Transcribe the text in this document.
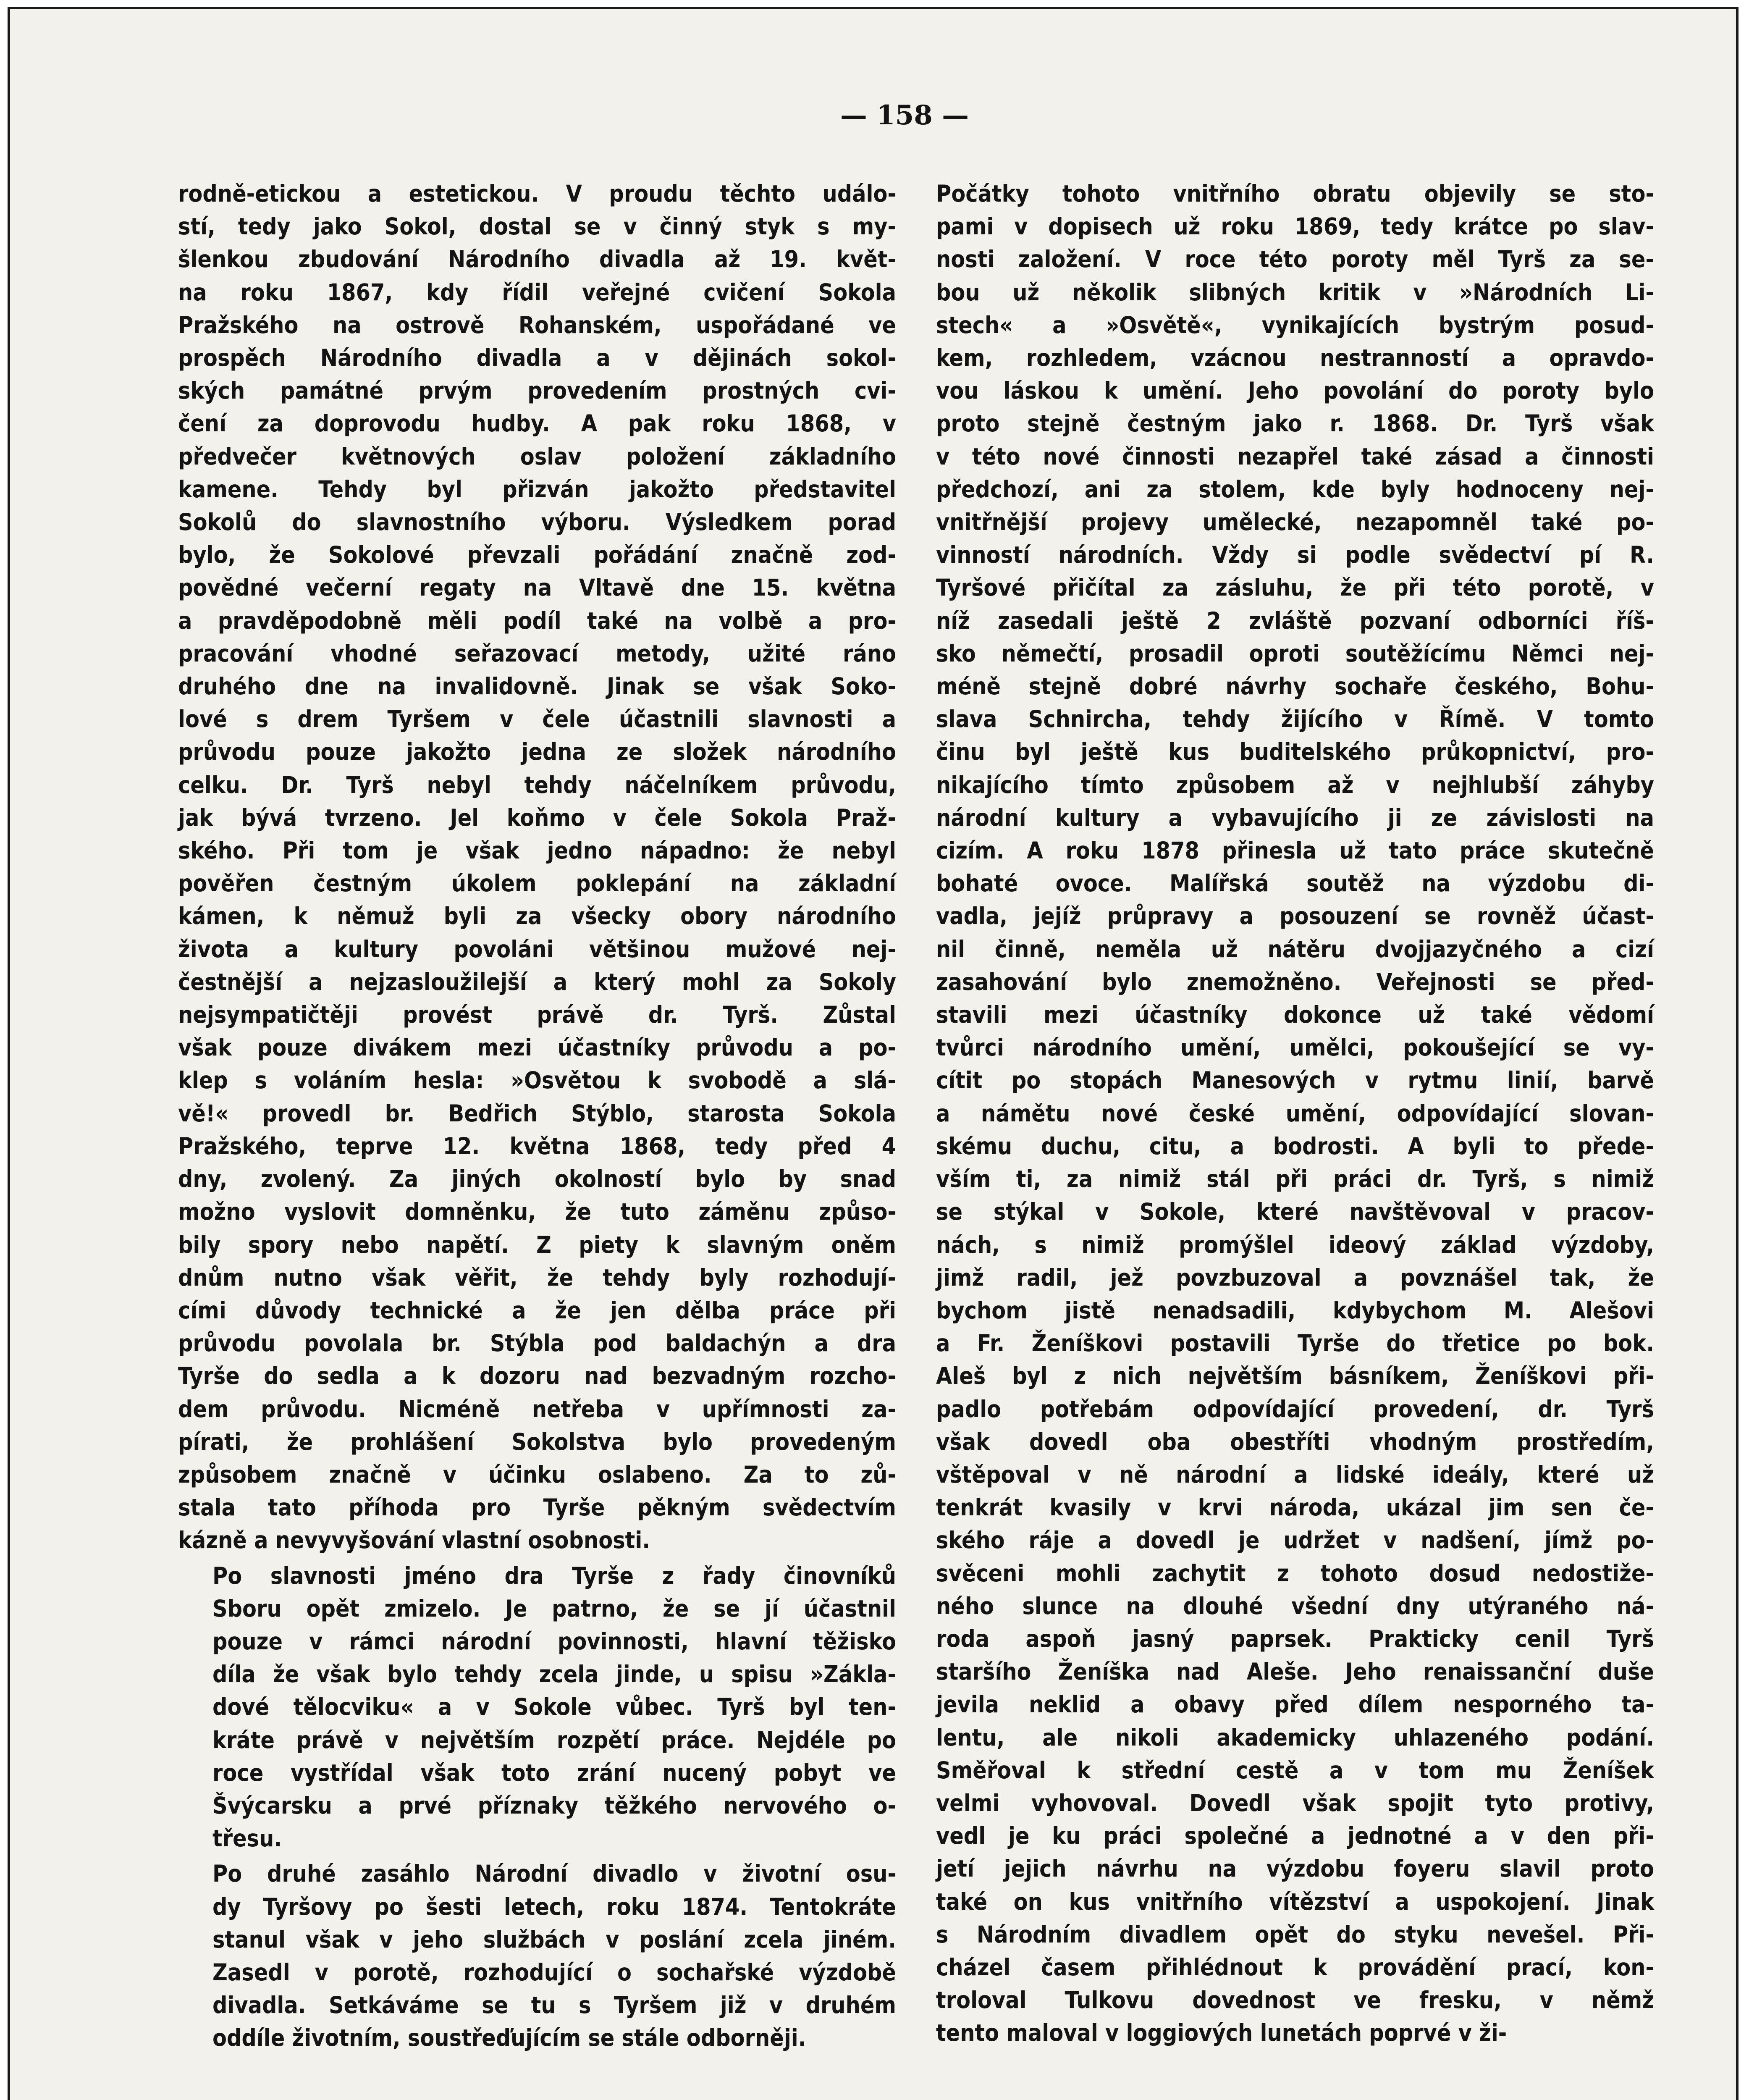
— 158 —
rodně-etickou a estetickou. V proudu těchto událo-
stí, tedy jako Sokol, dostal se v činný styk s my-
šlenkou zbudování Národního divadla až 19. květ-
na roku 1867, kdy řídil veřejné cvičení Sokola
Pražského na ostrově Rohanském, uspořádané ve
prospěch Národního divadla a v dějinách sokol-
ských památné prvým provedením prostných cvi-
čení za doprovodu hudby. A pak roku 1868, v
předvečer květnových oslav položení základního
kamene. Tehdy byl přizván jakožto představitel
Sokolů do slavnostního výboru. Výsledkem porad
bylo, že Sokolové převzali pořádání značně zod-
povědné večerní regaty na Vltavě dne 15. května
a pravděpodobně měli podíl také na volbě a pro-
pracování vhodné seřazovací metody, užité ráno
druhého dne na invalidovně. Jinak se však Soko-
lové s drem Tyršem v čele účastnili slavnosti a
průvodu pouze jakožto jedna ze složek národního
celku. Dr. Tyrš nebyl tehdy náčelníkem průvodu,
jak bývá tvrzeno. Jel koňmo v čele Sokola Praž-
ského. Při tom je však jedno nápadno: že nebyl
pověřen čestným úkolem poklepání na základní
kámen, k němuž byli za všecky obory národního
života a kultury povoláni většinou mužové nej-
čestnější a nejzasloužilejší a který mohl za Sokoly
nejsympatičtěji provést právě dr. Tyrš. Zůstal
však pouze divákem mezi účastníky průvodu a po-
klep s voláním hesla: »Osvětou k svobodě a slá-
vě!« provedl br. Bedřich Stýblo, starosta Sokola
Pražského, teprve 12. května 1868, tedy před 4
dny, zvolený. Za jiných okolností bylo by snad
možno vyslovit domněnku, že tuto záměnu způso-
bily spory nebo napětí. Z piety k slavným oněm
dnům nutno však věřit, že tehdy byly rozhodují-
cími důvody technické a že jen dělba práce při
průvodu povolala br. Stýbla pod baldachýn a dra
Tyrše do sedla a k dozoru nad bezvadným rozcho-
dem průvodu. Nicméně netřeba v upřímnosti za-
pírati, že prohlášení Sokolstva bylo provedeným
způsobem značně v účinku oslabeno. Za to zů-
stala tato příhoda pro Tyrše pěkným svědectvím
kázně a nevyvyšování vlastní osobnosti.
Po slavnosti jméno dra Tyrše z řady činovníků
Sboru opět zmizelo. Je patrno, že se jí účastnil
pouze v rámci národní povinnosti, hlavní těžisko
díla že však bylo tehdy zcela jinde, u spisu »Zákla-
dové tělocviku« a v Sokole vůbec. Tyrš byl ten-
kráte právě v největším rozpětí práce. Nejdéle po
roce vystřídal však toto zrání nucený pobyt ve
Švýcarsku a prvé příznaky těžkého nervového o-
třesu.
Po druhé zasáhlo Národní divadlo v životní osu-
dy Tyršovy po šesti letech, roku 1874. Tentokráte
stanul však v jeho službách v poslání zcela jiném.
Zasedl v porotě, rozhodující o sochařské výzdobě
divadla. Setkáváme se tu s Tyršem již v druhém
oddíle životním, soustřeďujícím se stále odborněji.
Počátky tohoto vnitřního obratu objevily se sto-
pami v dopisech už roku 1869, tedy krátce po slav-
nosti založení. V roce této poroty měl Tyrš za se-
bou už několik slibných kritik v »Národních Li-
stech« a »Osvětě«, vynikajících bystrým posud-
kem, rozhledem, vzácnou nestranností a opravdo-
vou láskou k umění. Jeho povolání do poroty bylo
proto stejně čestným jako r. 1868. Dr. Tyrš však
v této nové činnosti nezapřel také zásad a činnosti
předchozí, ani za stolem, kde byly hodnoceny nej-
vnitřnější projevy umělecké, nezapomněl také po-
vinností národních. Vždy si podle svědectví pí R.
Tyršové přičítal za zásluhu, že při této porotě, v
níž zasedali ještě 2 zvláště pozvaní odborníci říš-
sko němečtí, prosadil oproti soutěžícímu Němci nej-
méně stejně dobré návrhy sochaře českého, Bohu-
slava Schnircha, tehdy žijícího v Římě. V tomto
činu byl ještě kus buditelského průkopnictví, pro-
nikajícího tímto způsobem až v nejhlubší záhyby
národní kultury a vybavujícího ji ze závislosti na
cizím. A roku 1878 přinesla už tato práce skutečně
bohaté ovoce. Malířská soutěž na výzdobu di-
vadla, jejíž průpravy a posouzení se rovněž účast-
nil činně, neměla už nátěru dvojjazyčného a cizí
zasahování bylo znemožněno. Veřejnosti se před-
stavili mezi účastníky dokonce už také vědomí
tvůrci národního umění, umělci, pokoušející se vy-
cítit po stopách Manesových v rytmu linií, barvě
a námětu nové české umění, odpovídající slovan-
skému duchu, citu, a bodrosti. A byli to přede-
vším ti, za nimiž stál při práci dr. Tyrš, s nimiž
se stýkal v Sokole, které navštěvoval v pracov-
nách, s nimiž promýšlel ideový základ výzdoby,
jimž radil, jež povzbuzoval a povznášel tak, že
bychom jistě nenadsadili, kdybychom M. Alešovi
a Fr. Ženíškovi postavili Tyrše do třetice po bok.
Aleš byl z nich největším básníkem, Ženíškovi při-
padlo potřebám odpovídající provedení, dr. Tyrš
však dovedl oba obestříti vhodným prostředím,
vštěpoval v ně národní a lidské ideály, které už
tenkrát kvasily v krvi národa, ukázal jim sen če-
ského ráje a dovedl je udržet v nadšení, jímž po-
svěceni mohli zachytit z tohoto dosud nedostiže-
ného slunce na dlouhé všední dny utýraného ná-
roda aspoň jasný paprsek. Prakticky cenil Tyrš
staršího Ženíška nad Aleše. Jeho renaissanční duše
jevila neklid a obavy před dílem nesporného ta-
lentu, ale nikoli akademicky uhlazeného podání.
Směřoval k střední cestě a v tom mu Ženíšek
velmi vyhovoval. Dovedl však spojit tyto protivy,
vedl je ku práci společné a jednotné a v den při-
jetí jejich návrhu na výzdobu foyeru slavil proto
také on kus vnitřního vítězství a uspokojení. Jinak
s Národním divadlem opět do styku nevešel. Při-
cházel časem přihlédnout k provádění prací, kon-
troloval Tulkovu dovednost ve fresku, v němž
tento maloval v loggiových lunetách poprvé v ži-
